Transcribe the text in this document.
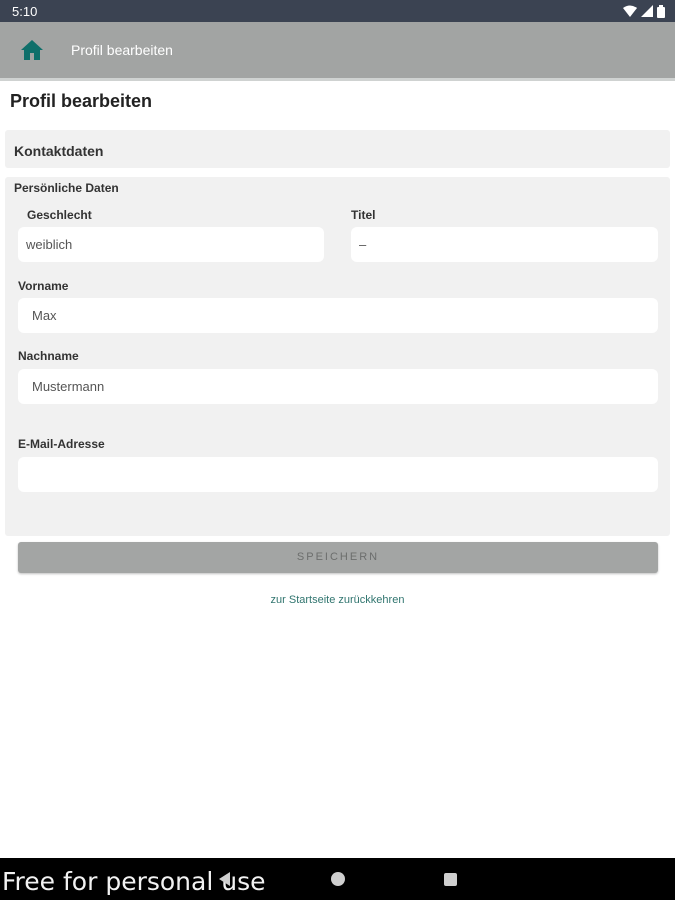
5:10
Profil bearbeiten
Profil bearbeiten
Kontaktdaten
Persönliche Daten
Geschlecht
weiblich
Titel
–
Vorname
Max
Nachname
Mustermann
E-Mail-Adresse
SPEICHERN
zur Startseite zurückkehren
Free for personal use
